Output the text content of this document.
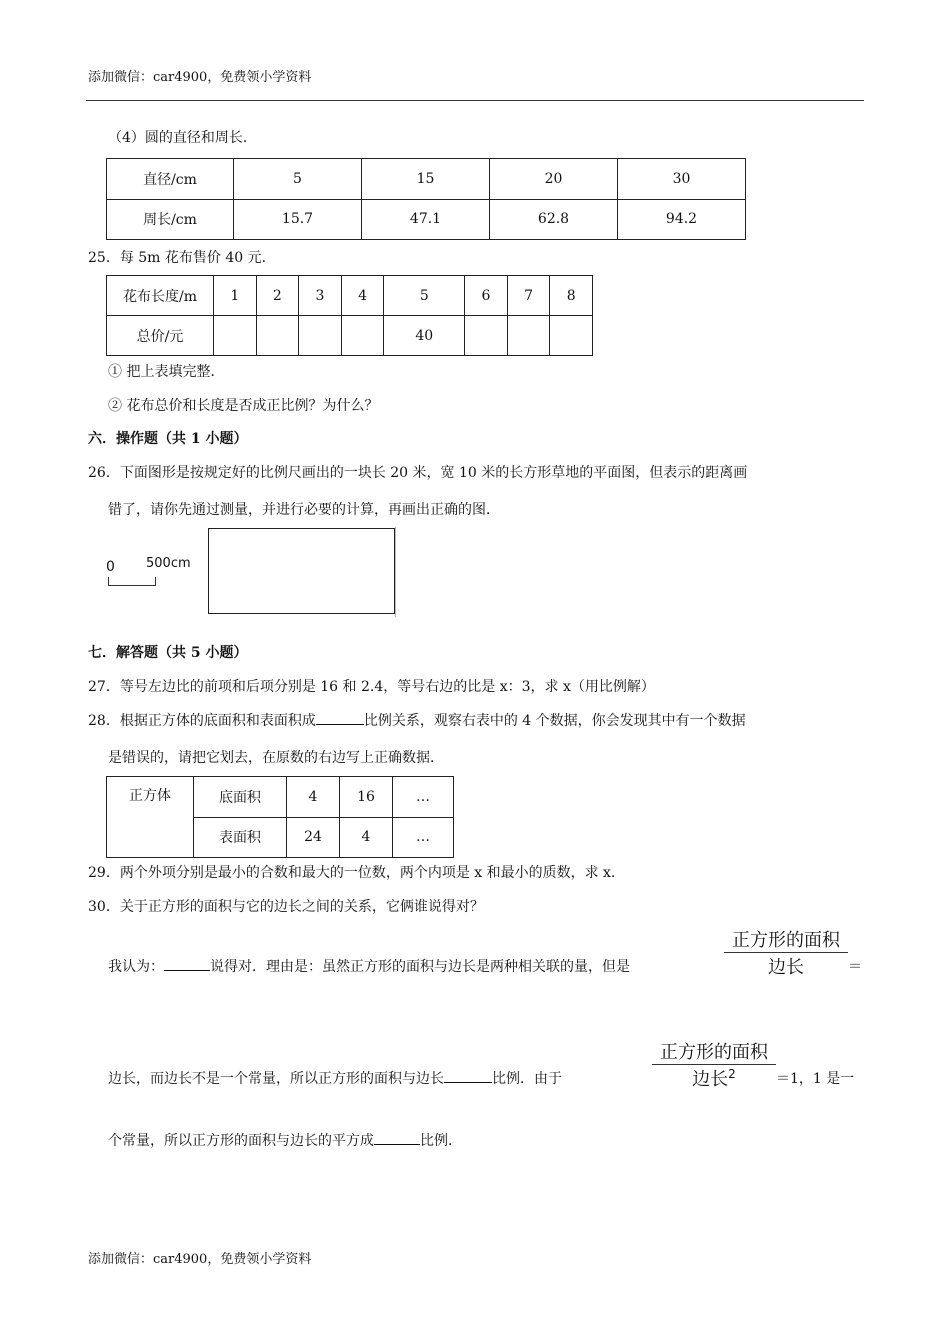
添加微信：car4900，免费领小学资料
（4）圆的直径和周长．
直径/cm	5	15	20	30
周长/cm	15.7	47.1	62.8	94.2
25．每 5m 花布售价 40 元．
花布长度/m	1	2	3	4	5	6	7	8
总价/元					40			
① 把上表填完整．
② 花布总价和长度是否成正比例？为什么？
六．操作题（共 1 小题）
26．下面图形是按规定好的比例尺画出的一块长 20 米，宽 10 米的长方形草地的平面图，但表示的距离画
错了，请你先通过测量，并进行必要的计算，再画出正确的图．
0 500cm
七．解答题（共 5 小题）
27．等号左边比的前项和后项分别是 16 和 2.4，等号右边的比是 x：3，求 x（用比例解）
28．根据正方体的底面积和表面积成	比例关系，观察右表中的 4 个数据，你会发现其中有一个数据
是错误的，请把它划去，在原数的右边写上正确数据．
正方体	底面积	4	16	…
	表面积	24	4	…
29．两个外项分别是最小的合数和最大的一位数，两个内项是 x 和最小的质数，求 x．
30．关于正方形的面积与它的边长之间的关系，它俩谁说得对？
我认为：	说得对．理由是：虽然正方形的面积与边长是两种相关联的量，但是
正方形的面积
边长	＝
边长，而边长不是一个常量，所以正方形的面积与边长	比例．由于
正方形的面积
边长$^2$	＝1，1 是一
个常量，所以正方形的面积与边长的平方成	比例．
添加微信：car4900，免费领小学资料
